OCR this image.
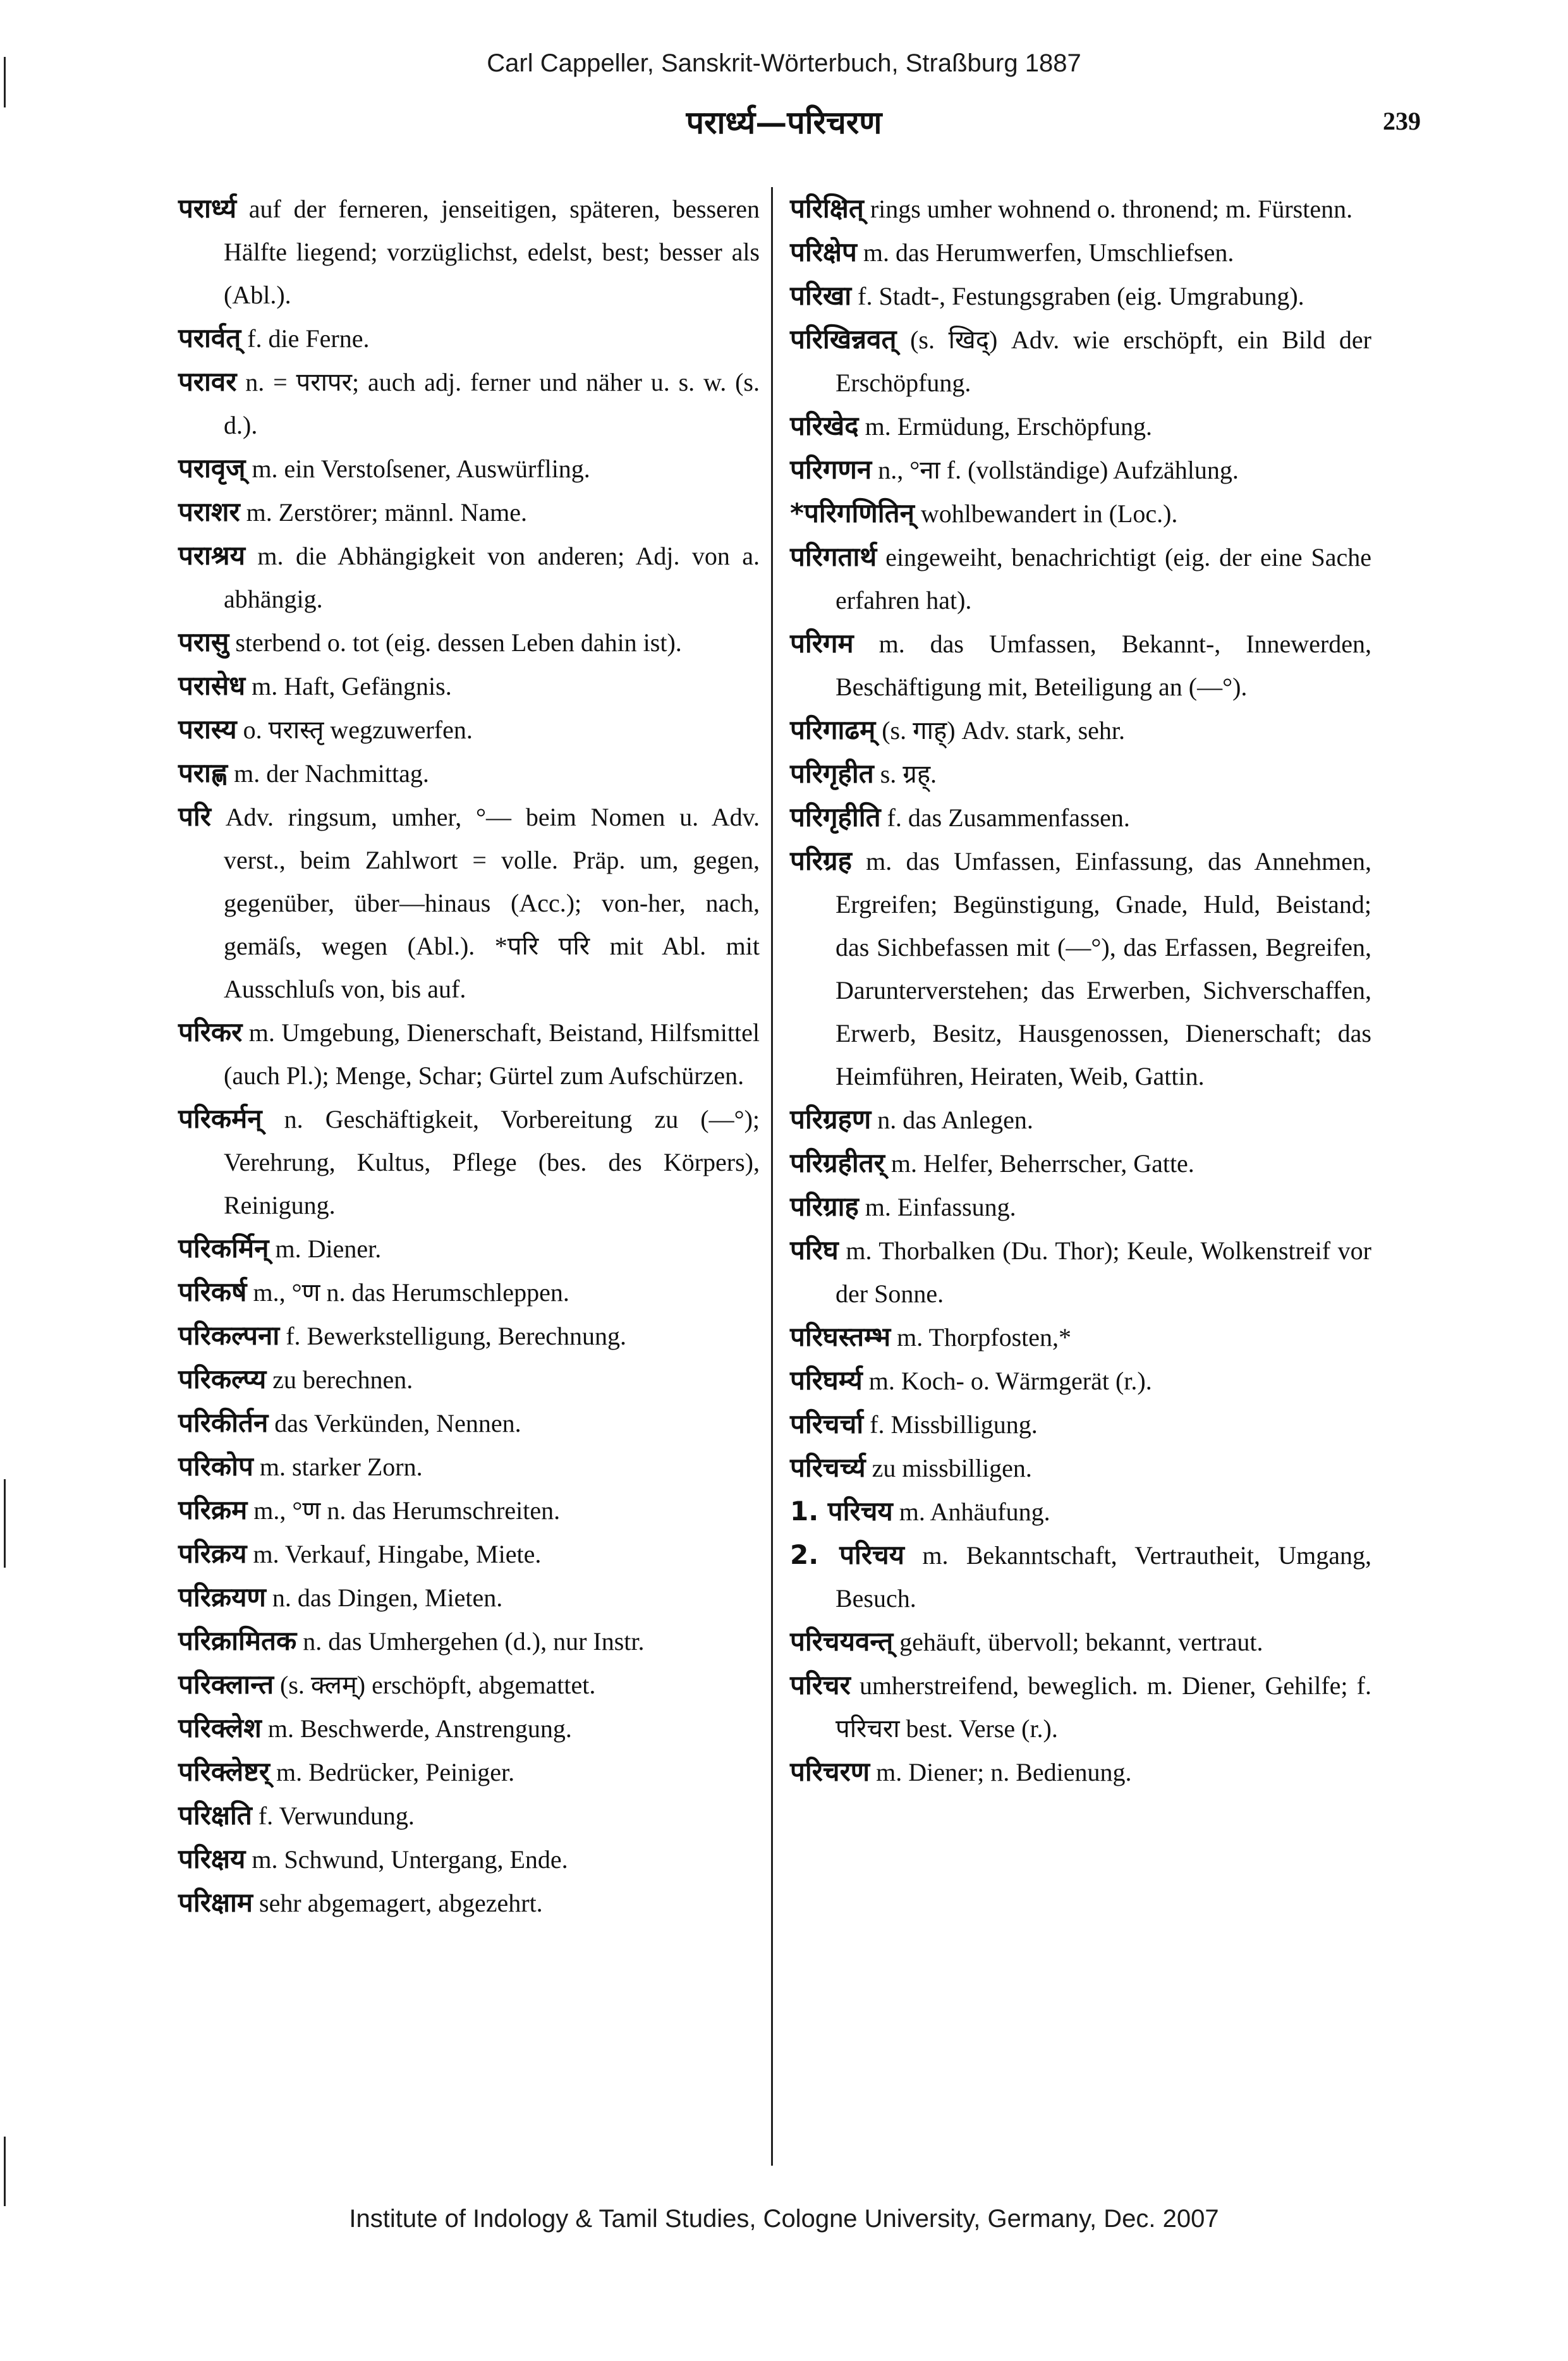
Carl Cappeller, Sanskrit-Wörterbuch, Straßburg 1887
परार्ध्य—परिचरण	239
परार्ध्य auf der ferneren, jenseitigen, späteren, besseren Hälfte liegend; vorzüglichst, edelst, best; besser als (Abl.).
परार्वत् f. die Ferne.
परावर n. = परापर; auch adj. ferner und näher u. s. w. (s. d.).
परावृज् m. ein Verstoſsener, Auswürfling.
पराशर m. Zerstörer; männl. Name.
पराश्रय m. die Abhängigkeit von anderen; Adj. von a. abhängig.
परासु sterbend o. tot (eig. dessen Leben dahin ist).
परासेध m. Haft, Gefängnis.
परास्य o. परास्तृ wegzuwerfen.
पराह्ण m. der Nachmittag.
परि Adv. ringsum, umher, °— beim Nomen u. Adv. verst., beim Zahlwort = volle. Präp. um, gegen, gegenüber, über—hinaus (Acc.); von-her, nach, gemäſs, wegen (Abl.). *परि परि mit Abl. mit Ausschluſs von, bis auf.
परिकर m. Umgebung, Dienerschaft, Beistand, Hilfsmittel (auch Pl.); Menge, Schar; Gürtel zum Aufschürzen.
परिकर्मन् n. Geschäftigkeit, Vorbereitung zu (—°); Verehrung, Kultus, Pflege (bes. des Körpers), Reinigung.
परिकर्मिन् m. Diener.
परिकर्ष m., °ण n. das Herumschleppen.
परिकल्पना f. Bewerkstelligung, Berechnung.
परिकल्प्य zu berechnen.
परिकीर्तन das Verkünden, Nennen.
परिकोप m. starker Zorn.
परिक्रम m., °ण n. das Herumschreiten.
परिक्रय m. Verkauf, Hingabe, Miete.
परिक्रयण n. das Dingen, Mieten.
परिक्रामितक n. das Umhergehen (d.), nur Instr.
परिक्लान्त (s. क्लम्) erschöpft, abgemattet.
परिक्लेश m. Beschwerde, Anstrengung.
परिक्लेष्टर् m. Bedrücker, Peiniger.
परिक्षति f. Verwundung.
परिक्षय m. Schwund, Untergang, Ende.
परिक्षाम sehr abgemagert, abgezehrt.
परिक्षित् rings umher wohnend o. thronend; m. Fürstenn.
परिक्षेप m. das Herumwerfen, Umschliefsen.
परिखा f. Stadt-, Festungsgraben (eig. Umgrabung).
परिखिन्नवत् (s. खिद्) Adv. wie erschöpft, ein Bild der Erschöpfung.
परिखेद m. Ermüdung, Erschöpfung.
परिगणन n., °ना f. (vollständige) Aufzählung.
*परिगणितिन् wohlbewandert in (Loc.).
परिगतार्थ eingeweiht, benachrichtigt (eig. der eine Sache erfahren hat).
परिगम m. das Umfassen, Bekannt-, Innewerden, Beschäftigung mit, Beteiligung an (—°).
परिगाढम् (s. गाह्) Adv. stark, sehr.
परिगृहीत s. ग्रह्.
परिगृहीति f. das Zusammenfassen.
परिग्रह m. das Umfassen, Einfassung, das Annehmen, Ergreifen; Begünstigung, Gnade, Huld, Beistand; das Sichbefassen mit (—°), das Erfassen, Begreifen, Darunterverstehen; das Erwerben, Sichverschaffen, Erwerb, Besitz, Hausgenossen, Dienerschaft; das Heimführen, Heiraten, Weib, Gattin.
परिग्रहण n. das Anlegen.
परिग्रहीतर् m. Helfer, Beherrscher, Gatte.
परिग्राह m. Einfassung.
परिघ m. Thorbalken (Du. Thor); Keule, Wolkenstreif vor der Sonne.
परिघस्तम्भ m. Thorpfosten,*
परिघर्म्य m. Koch- o. Wärmgerät (r.).
परिचर्चा f. Missbilligung.
परिचर्च्य zu missbilligen.
1. परिचय m. Anhäufung.
2. परिचय m. Bekanntschaft, Vertrautheit, Umgang, Besuch.
परिचयवन्त् gehäuft, übervoll; bekannt, vertraut.
परिचर umherstreifend, beweglich. m. Diener, Gehilfe; f. परिचरा best. Verse (r.).
परिचरण m. Diener; n. Bedienung.
Institute of Indology & Tamil Studies, Cologne University, Germany, Dec. 2007
